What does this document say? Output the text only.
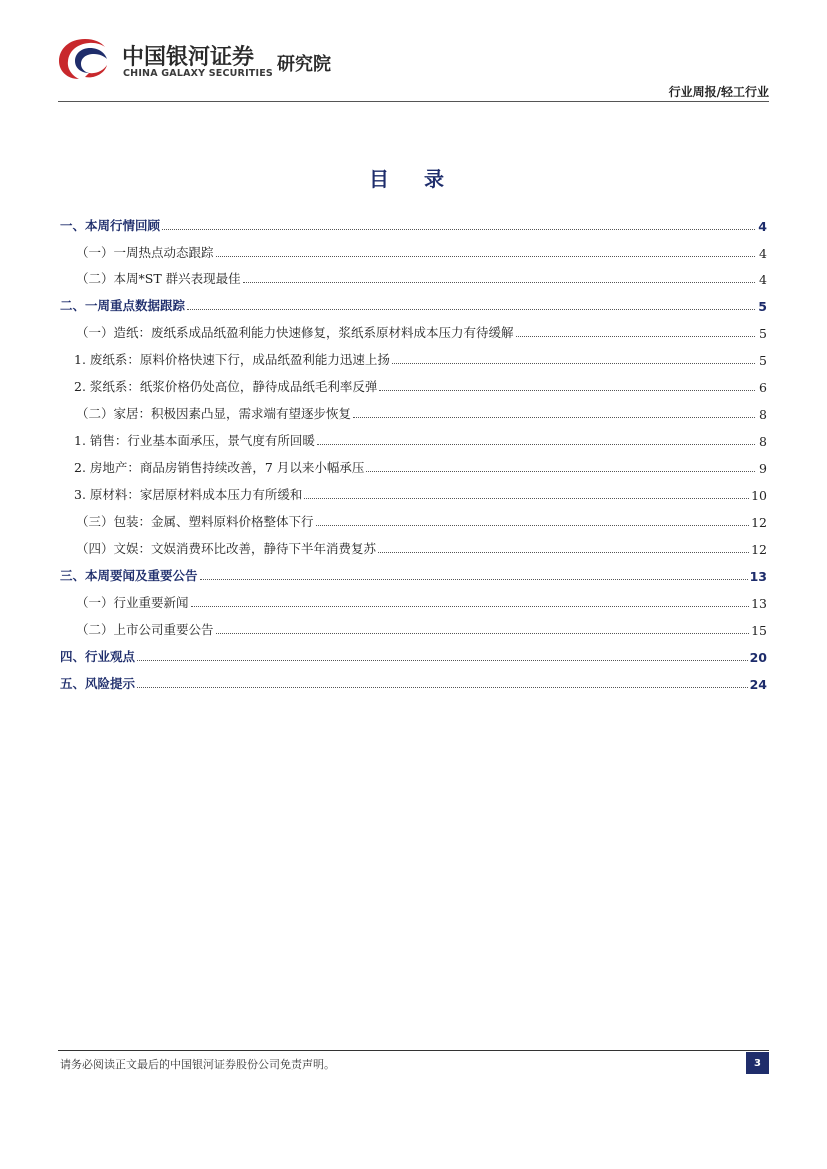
中国银河证券
CHINA GALAXY SECURITIES 研究院
行业周报/轻工行业
目 录
一、本周行情回顾	4
（一）一周热点动态跟踪	4
（二）本周*ST 群兴表现最佳	4
二、一周重点数据跟踪	5
（一）造纸：废纸系成品纸盈利能力快速修复，浆纸系原材料成本压力有待缓解	5
1. 废纸系：原料价格快速下行，成品纸盈利能力迅速上扬	5
2. 浆纸系：纸浆价格仍处高位，静待成品纸毛利率反弹	6
（二）家居：积极因素凸显，需求端有望逐步恢复	8
1. 销售：行业基本面承压，景气度有所回暖	8
2. 房地产：商品房销售持续改善，7 月以来小幅承压	9
3. 原材料：家居原材料成本压力有所缓和	10
（三）包装：金属、塑料原料价格整体下行	12
（四）文娱：文娱消费环比改善，静待下半年消费复苏	12
三、本周要闻及重要公告	13
（一）行业重要新闻	13
（二）上市公司重要公告	15
四、行业观点	20
五、风险提示	24
请务必阅读正文最后的中国银河证券股份公司免责声明。	3
